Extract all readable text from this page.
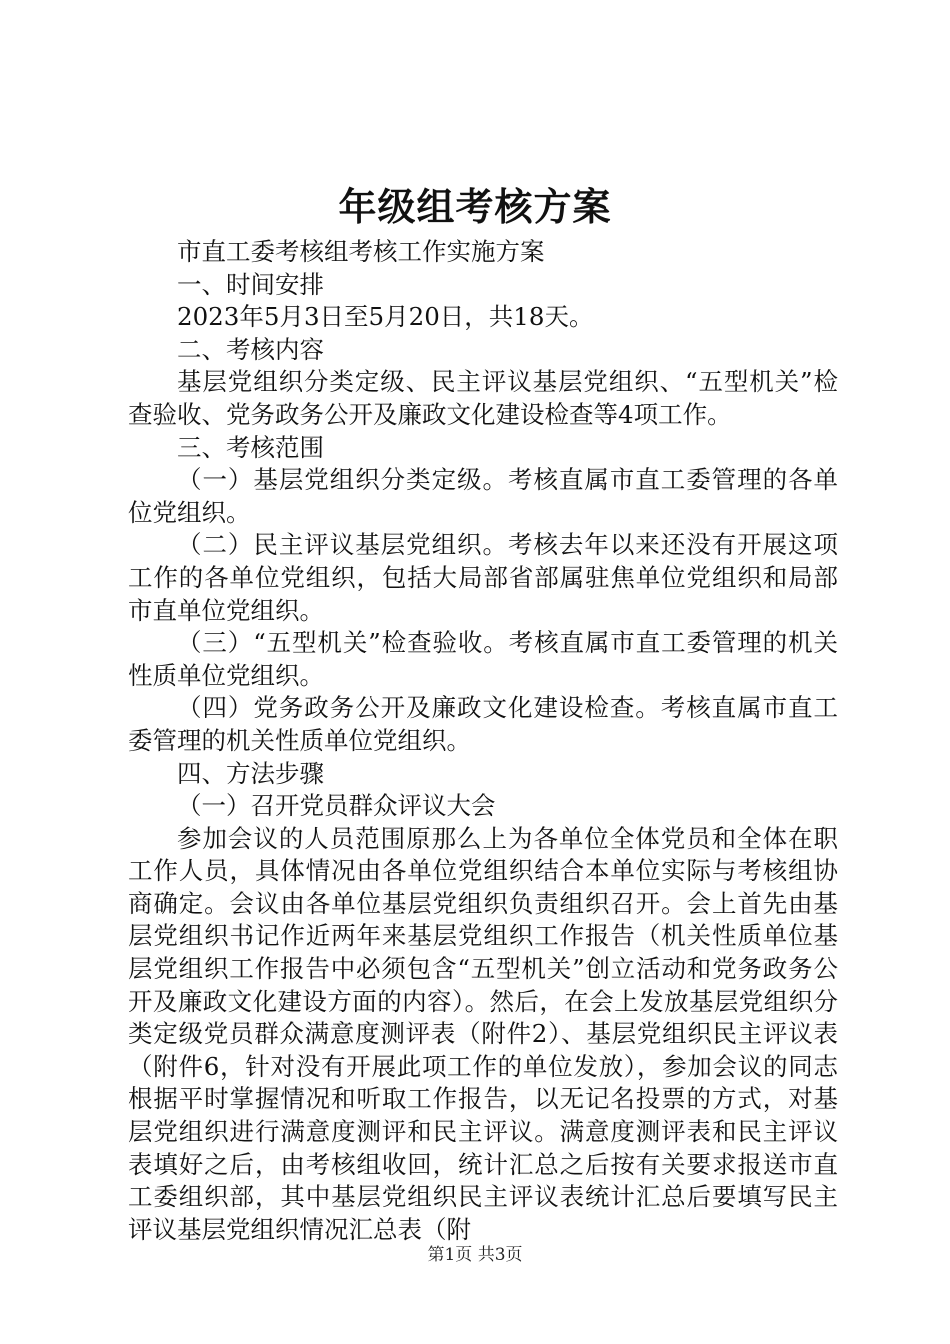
年级组考核方案

市直工委考核组考核工作实施方案

一、时间安排

2023年5月3日至5月20日，共18天。

二、考核内容

基层党组织分类定级、民主评议基层党组织、“五型机关”检查验收、党务政务公开及廉政文化建设检查等4项工作。

三、考核范围

（一）基层党组织分类定级。考核直属市直工委管理的各单位党组织。

（二）民主评议基层党组织。考核去年以来还没有开展这项工作的各单位党组织，包括大局部省部属驻焦单位党组织和局部市直单位党组织。

（三）“五型机关”检查验收。考核直属市直工委管理的机关性质单位党组织。

（四）党务政务公开及廉政文化建设检查。考核直属市直工委管理的机关性质单位党组织。

四、方法步骤

（一）召开党员群众评议大会

参加会议的人员范围原那么上为各单位全体党员和全体在职工作人员，具体情况由各单位党组织结合本单位实际与考核组协商确定。会议由各单位基层党组织负责组织召开。会上首先由基层党组织书记作近两年来基层党组织工作报告（机关性质单位基层党组织工作报告中必须包含“五型机关”创立活动和党务政务公开及廉政文化建设方面的内容）。然后，在会上发放基层党组织分类定级党员群众满意度测评表（附件2）、基层党组织民主评议表（附件6，针对没有开展此项工作的单位发放），参加会议的同志根据平时掌握情况和听取工作报告，以无记名投票的方式，对基层党组织进行满意度测评和民主评议。满意度测评表和民主评议表填好之后，由考核组收回，统计汇总之后按有关要求报送市直工委组织部，其中基层党组织民主评议表统计汇总后要填写民主评议基层党组织情况汇总表（附

第1页 共3页
